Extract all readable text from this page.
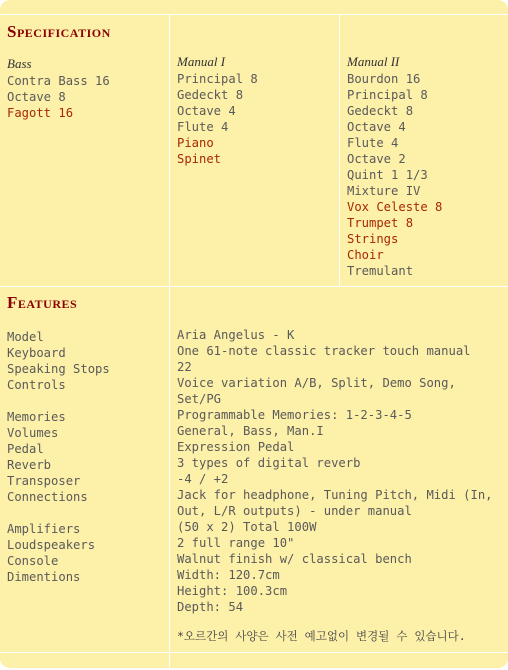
Specification
Bass
Contra Bass 16
Octave 8
Fagott 16
Manual I
Principal 8
Gedeckt 8
Octave 4
Flute 4
Piano
Spinet
Manual II
Bourdon 16
Principal 8
Gedeckt 8
Octave 4
Flute 4
Octave 2
Quint 1 1/3
Mixture IV
Vox Celeste 8
Trumpet 8
Strings
Choir
Tremulant
Features
Model
Keyboard
Speaking Stops
Controls
Memories
Volumes
Pedal
Reverb
Transposer
Connections
Amplifiers
Loudspeakers
Console
Dimentions

Aria Angelus - K
One 61-note classic tracker touch manual
22
Voice variation A/B, Split, Demo Song, Set/PG
Programmable Memories: 1-2-3-4-5
General, Bass, Man.I
Expression Pedal
3 types of digital reverb
-4 / +2
Jack for headphone, Tuning Pitch, Midi (In, Out, L/R outputs) - under manual
(50 x 2) Total 100W
2 full range 10"
Walnut finish w/ classical bench
Width: 120.7cm
Height: 100.3cm
Depth: 54
*오르간의 사양은 사전 예고없이 변경될 수 있습니다.
